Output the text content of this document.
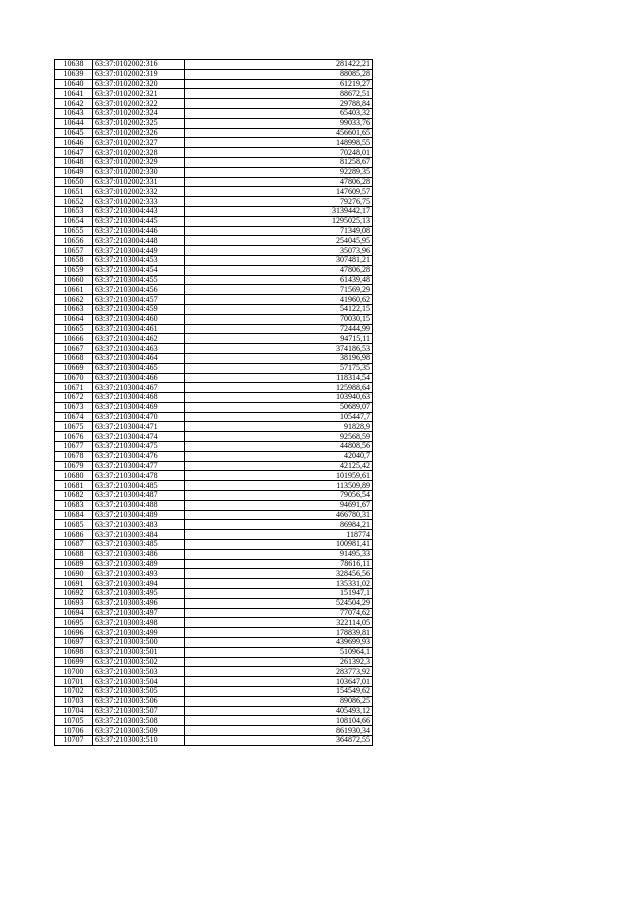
10638	63:37:0102002:316	281422,21
10639	63:37:0102002:319	88085,28
10640	63:37:0102002:320	61219,27
10641	63:37:0102002:321	88672,51
10642	63:37:0102002:322	29788,84
10643	63:37:0102002:324	65403,32
10644	63:37:0102002:325	99033,76
10645	63:37:0102002:326	456601,65
10646	63:37:0102002:327	148998,55
10647	63:37:0102002:328	70248,01
10648	63:37:0102002:329	81258,67
10649	63:37:0102002:330	92289,35
10650	63:37:0102002:331	47806,28
10651	63:37:0102002:332	147609,57
10652	63:37:0102002:333	79276,75
10653	63:37:2103004:443	3139442,17
10654	63:37:2103004:445	1295025,13
10655	63:37:2103004:446	71349,08
10656	63:37:2103004:448	254045,95
10657	63:37:2103004:449	35073,96
10658	63:37:2103004:453	307481,21
10659	63:37:2103004:454	47806,28
10660	63:37:2103004:455	61439,48
10661	63:37:2103004:456	71569,29
10662	63:37:2103004:457	41960,62
10663	63:37:2103004:459	54122,15
10664	63:37:2103004:460	70030,15
10665	63:37:2103004:461	72444,99
10666	63:37:2103004:462	94715,11
10667	63:37:2103004:463	374186,53
10668	63:37:2103004:464	38196,98
10669	63:37:2103004:465	57175,35
10670	63:37:2103004:466	118314,54
10671	63:37:2103004:467	125988,64
10672	63:37:2103004:468	103940,63
10673	63:37:2103004:469	50689,07
10674	63:37:2103004:470	105447,7
10675	63:37:2103004:471	91828,9
10676	63:37:2103004:474	92568,59
10677	63:37:2103004:475	44808,56
10678	63:37:2103004:476	42040,7
10679	63:37:2103004:477	42125,42
10680	63:37:2103004:478	101959,61
10681	63:37:2103004:485	113509,89
10682	63:37:2103004:487	79056,54
10683	63:37:2103004:488	94691,67
10684	63:37:2103004:489	466780,31
10685	63:37:2103003:483	86984,21
10686	63:37:2103003:484	118774
10687	63:37:2103003:485	100981,41
10688	63:37:2103003:486	91495,33
10689	63:37:2103003:489	78616,11
10690	63:37:2103003:493	328456,56
10691	63:37:2103003:494	135331,02
10692	63:37:2103003:495	151947,1
10693	63:37:2103003:496	524504,29
10694	63:37:2103003:497	77074,62
10695	63:37:2103003:498	322114,05
10696	63:37:2103003:499	178839,81
10697	63:37:2103003:500	439699,93
10698	63:37:2103003:501	510964,1
10699	63:37:2103003:502	261392,3
10700	63:37:2103003:503	283773,92
10701	63:37:2103003:504	103647,01
10702	63:37:2103003:505	154549,62
10703	63:37:2103003:506	89086,25
10704	63:37:2103003:507	405493,12
10705	63:37:2103003:508	108104,66
10706	63:37:2103003:509	861930,34
10707	63:37:2103003:510	364872,55
